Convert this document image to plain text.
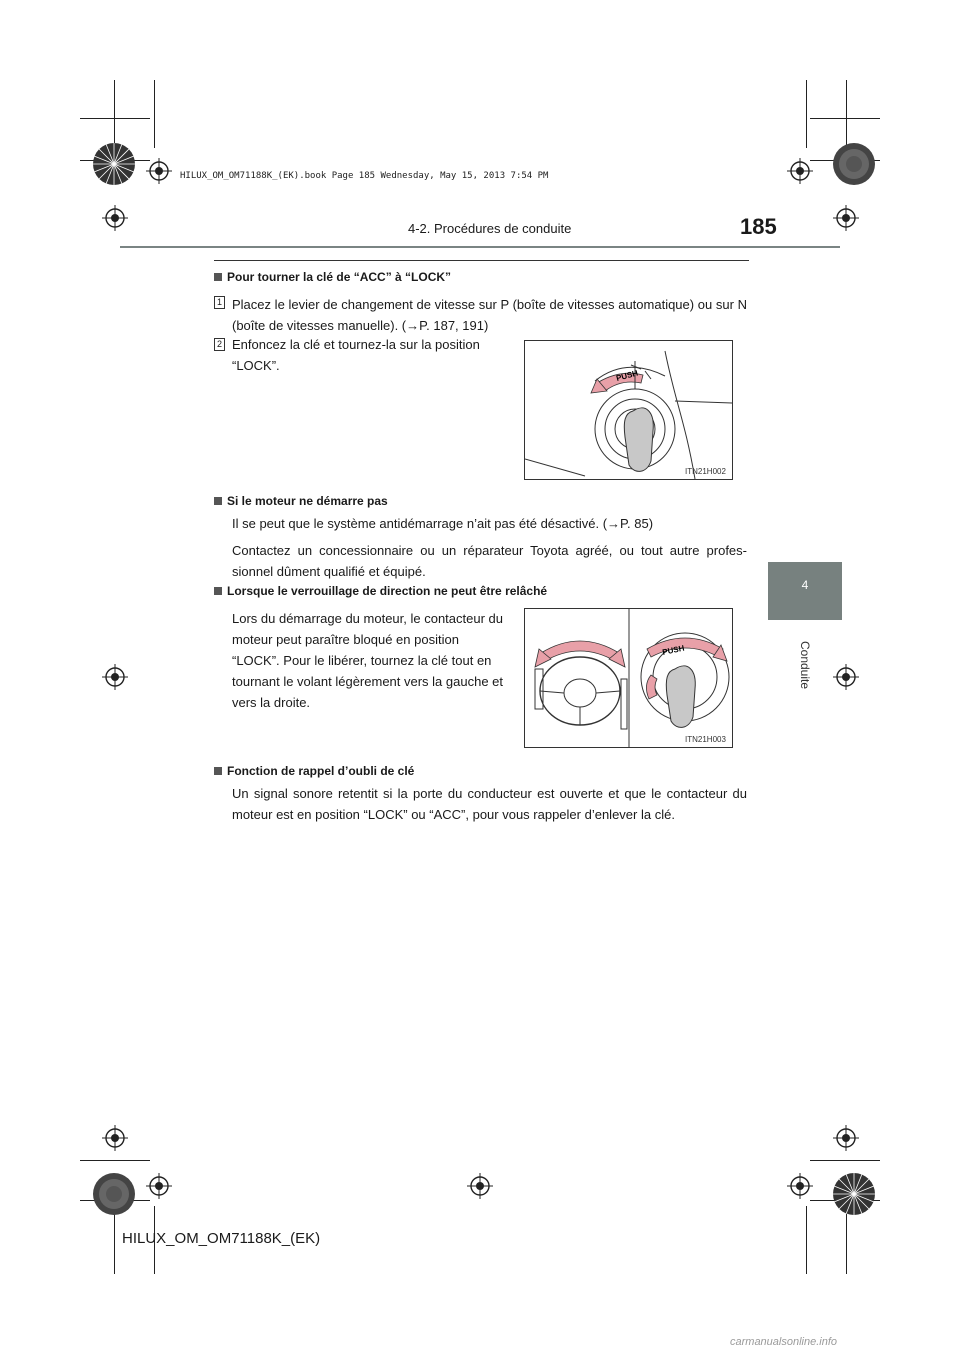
HILUX_OM_OM71188K_(EK).book Page 185 Wednesday, May 15, 2013 7:54 PM
185
4-2. Procédures de conduite
4
Conduite
Pour tourner la clé de “ACC” à “LOCK”
1 Placez le levier de changement de vitesse sur P (boîte de vitesses automatique) ou sur N (boîte de vitesses manuelle). (→P. 187, 191)
2 Enfoncez la clé et tournez-la sur la position
“LOCK”.
PUSH
ITN21H002
Si le moteur ne démarre pas
Il se peut que le système antidémarrage n’ait pas été désactivé. (→P. 85)
Contactez un concessionnaire ou un réparateur Toyota agréé, ou tout autre profes-sionnel dûment qualifié et équipé.
Lorsque le verrouillage de direction ne peut être relâché
Lors du démarrage du moteur, le contacteur du
moteur peut paraître bloqué en position
“LOCK”. Pour le libérer, tournez la clé tout en
tournant le volant légèrement vers la gauche et
vers la droite.
PUSH
ITN21H003
Fonction de rappel d’oubli de clé
Un signal sonore retentit si la porte du conducteur est ouverte et que le contacteur du moteur est en position “LOCK” ou “ACC”, pour vous rappeler d’enlever la clé.
HILUX_OM_OM71188K_(EK)
carmanualsonline.info
